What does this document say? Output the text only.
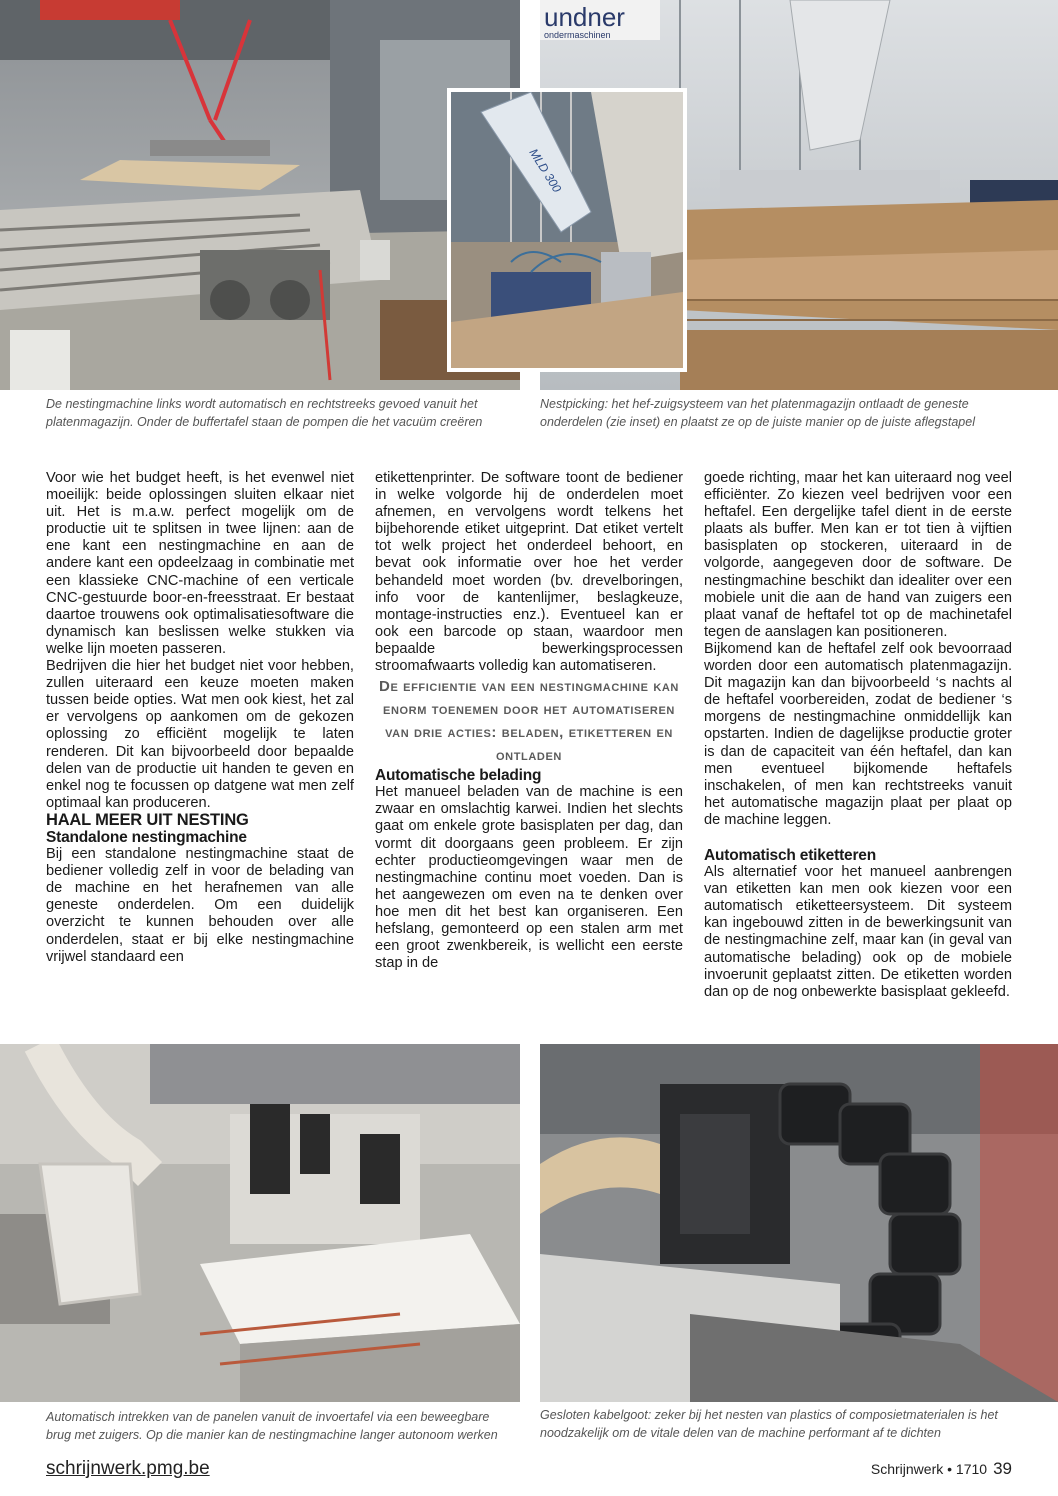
undner
ondermaschinen
MLD 300
De nestingmachine links wordt automatisch en rechtstreeks gevoed vanuit het platenmagazijn. Onder de buffertafel staan de pompen die het vacuüm creëren
Nestpicking: het hef-zuigsysteem van het platenmagazijn ontlaadt de geneste onderdelen (zie inset) en plaatst ze op de juiste manier op de juiste aflegstapel

Voor wie het budget heeft, is het evenwel niet moeilijk: beide oplossingen sluiten elkaar niet uit. Het is m.a.w. perfect mogelijk om de productie uit te splitsen in twee lijnen: aan de ene kant een nestingmachine en aan de andere kant een opdeelzaag in combinatie met een klassieke CNC-machine of een verticale CNC-gestuurde boor-en-freesstraat. Er bestaat daartoe trouwens ook optimalisatiesoftware die dynamisch kan beslissen welke stukken via welke lijn moeten passeren.

Bedrijven die hier het budget niet voor hebben, zullen uiteraard een keuze moeten maken tussen beide opties. Wat men ook kiest, het zal er vervolgens op aankomen om de gekozen oplossing zo efficiënt mogelijk te laten renderen. Dit kan bijvoorbeeld door bepaalde delen van de productie uit handen te geven en enkel nog te focussen op datgene wat men zelf optimaal kan produceren.

HAAL MEER UIT NESTING

Standalone nestingmachine

Bij een standalone nestingmachine staat de bediener volledig zelf in voor de belading van de machine en het herafnemen van alle geneste onderdelen. Om een duidelijk overzicht te kunnen behouden over alle onderdelen, staat er bij elke nestingmachine vrijwel standaard een

etikettenprinter. De software toont de bediener in welke volgorde hij de onderdelen moet afnemen, en vervolgens wordt telkens het bijbehorende etiket uitgeprint. Dat etiket vertelt tot welk project het onderdeel behoort, en bevat ook informatie over hoe het verder behandeld moet worden (bv. drevelboringen, info voor de kantenlijmer, beslagkeuze, montage-instructies enz.). Eventueel kan er ook een barcode op staan, waardoor men bepaalde bewerkingsprocessen stroomafwaarts volledig kan automatiseren.

De efficientie van een nestingmachine kan enorm toenemen door het automatiseren van drie acties: beladen, etiketteren en ontladen

Automatische belading

Het manueel beladen van de machine is een zwaar en omslachtig karwei. Indien het slechts gaat om enkele grote basisplaten per dag, dan vormt dit doorgaans geen probleem. Er zijn echter productieomgevingen waar men de nestingmachine continu moet voeden. Dan is het aangewezen om even na te denken over hoe men dit het best kan organiseren. Een hefslang, gemonteerd op een stalen arm met een groot zwenkbereik, is wellicht een eerste stap in de

goede richting, maar het kan uiteraard nog veel efficiënter. Zo kiezen veel bedrijven voor een heftafel. Een dergelijke tafel dient in de eerste plaats als buffer. Men kan er tot tien à vijftien basisplaten op stockeren, uiteraard in de volgorde, aangegeven door de software. De nestingmachine beschikt dan idealiter over een mobiele unit die aan de hand van zuigers een plaat vanaf de heftafel tot op de machinetafel tegen de aanslagen kan positioneren.

Bijkomend kan de heftafel zelf ook bevoorraad worden door een automatisch platenmagazijn. Dit magazijn kan dan bijvoorbeeld ‘s nachts al de heftafel voorbereiden, zodat de bediener ‘s morgens de nestingmachine onmiddellijk kan opstarten. Indien de dagelijkse productie groter is dan de capaciteit van één heftafel, dan kan men eventueel bijkomende heftafels inschakelen, of men kan rechtstreeks vanuit het automatische magazijn plaat per plaat op de machine leggen.

Automatisch etiketteren

Als alternatief voor het manueel aanbrengen van etiketten kan men ook kiezen voor een automatisch etiketteersysteem. Dit systeem kan ingebouwd zitten in de bewerkingsunit van de nestingmachine zelf, maar kan (in geval van automatische belading) ook op de mobiele invoerunit geplaatst zitten. De etiketten worden dan op de nog onbewerkte basisplaat gekleefd.

Automatisch intrekken van de panelen vanuit de invoertafel via een beweegbare brug met zuigers. Op die manier kan de nestingmachine langer autonoom werken
Gesloten kabelgoot: zeker bij het nesten van plastics of composietmaterialen is het noodzakelijk om de vitale delen van de machine performant af te dichten
schrijnwerk.pmg.be	Schrijnwerk • 1710 39
